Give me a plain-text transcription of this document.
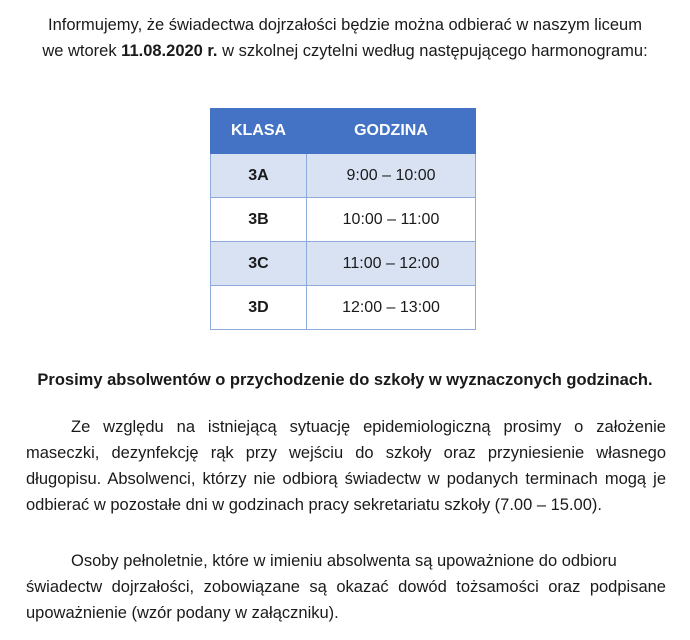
Informujemy, że świadectwa dojrzałości będzie można odbierać w naszym liceum
we wtorek 11.08.2020 r. w szkolnej czytelni według następującego harmonogramu:
KLASA	GODZINA
3A	9:00 – 10:00
3B	10:00 – 11:00
3C	11:00 – 12:00
3D	12:00 – 13:00
Prosimy absolwentów o przychodzenie do szkoły w wyznaczonych godzinach.
Ze względu na istniejącą sytuację epidemiologiczną prosimy o założenie
maseczki, dezynfekcję rąk przy wejściu do szkoły oraz przyniesienie własnego
długopisu. Absolwenci, którzy nie odbiorą świadectw w podanych terminach mogą je
odbierać w pozostałe dni w godzinach pracy sekretariatu szkoły (7.00 – 15.00).
Osoby pełnoletnie, które w imieniu absolwenta są upoważnione do odbioru
świadectw dojrzałości, zobowiązane są okazać dowód tożsamości oraz podpisane
upoważnienie (wzór podany w załączniku).
